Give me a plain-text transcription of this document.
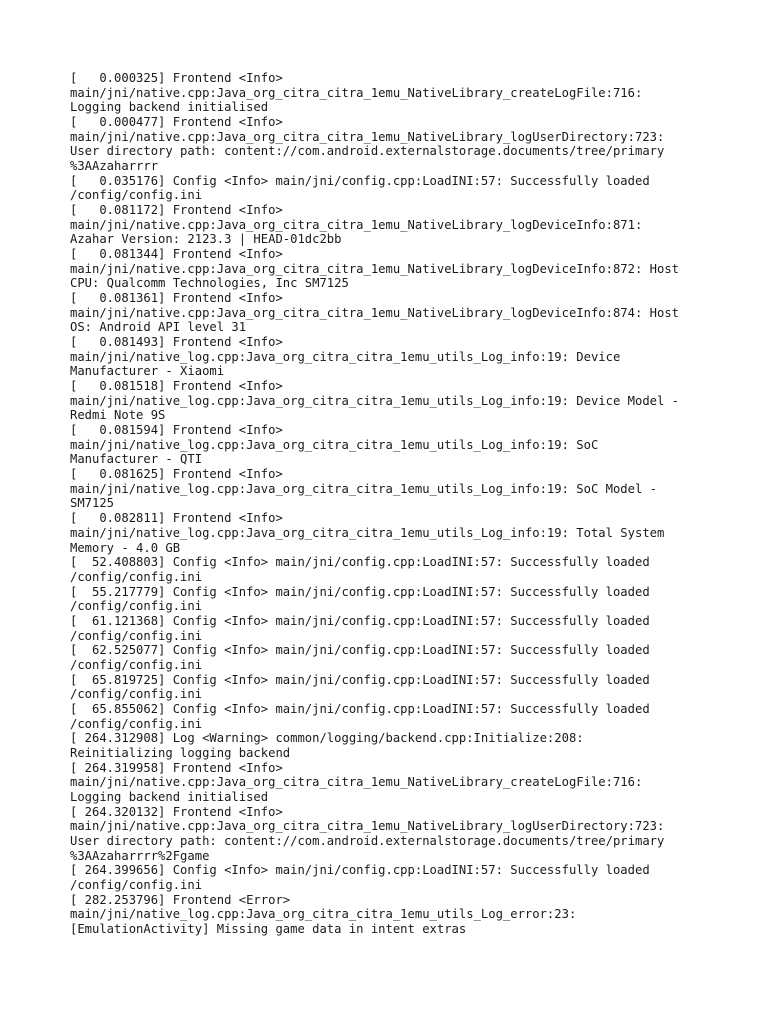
[   0.000325] Frontend <Info>
main/jni/native.cpp:Java_org_citra_citra_1emu_NativeLibrary_createLogFile:716:
Logging backend initialised
[   0.000477] Frontend <Info>
main/jni/native.cpp:Java_org_citra_citra_1emu_NativeLibrary_logUserDirectory:723:
User directory path: content://com.android.externalstorage.documents/tree/primary
%3AAzaharrrr
[   0.035176] Config <Info> main/jni/config.cpp:LoadINI:57: Successfully loaded
/config/config.ini
[   0.081172] Frontend <Info>
main/jni/native.cpp:Java_org_citra_citra_1emu_NativeLibrary_logDeviceInfo:871:
Azahar Version: 2123.3 | HEAD-01dc2bb
[   0.081344] Frontend <Info>
main/jni/native.cpp:Java_org_citra_citra_1emu_NativeLibrary_logDeviceInfo:872: Host
CPU: Qualcomm Technologies, Inc SM7125
[   0.081361] Frontend <Info>
main/jni/native.cpp:Java_org_citra_citra_1emu_NativeLibrary_logDeviceInfo:874: Host
OS: Android API level 31
[   0.081493] Frontend <Info>
main/jni/native_log.cpp:Java_org_citra_citra_1emu_utils_Log_info:19: Device
Manufacturer - Xiaomi
[   0.081518] Frontend <Info>
main/jni/native_log.cpp:Java_org_citra_citra_1emu_utils_Log_info:19: Device Model -
Redmi Note 9S
[   0.081594] Frontend <Info>
main/jni/native_log.cpp:Java_org_citra_citra_1emu_utils_Log_info:19: SoC
Manufacturer - QTI
[   0.081625] Frontend <Info>
main/jni/native_log.cpp:Java_org_citra_citra_1emu_utils_Log_info:19: SoC Model -
SM7125
[   0.082811] Frontend <Info>
main/jni/native_log.cpp:Java_org_citra_citra_1emu_utils_Log_info:19: Total System
Memory - 4.0 GB
[  52.408803] Config <Info> main/jni/config.cpp:LoadINI:57: Successfully loaded
/config/config.ini
[  55.217779] Config <Info> main/jni/config.cpp:LoadINI:57: Successfully loaded
/config/config.ini
[  61.121368] Config <Info> main/jni/config.cpp:LoadINI:57: Successfully loaded
/config/config.ini
[  62.525077] Config <Info> main/jni/config.cpp:LoadINI:57: Successfully loaded
/config/config.ini
[  65.819725] Config <Info> main/jni/config.cpp:LoadINI:57: Successfully loaded
/config/config.ini
[  65.855062] Config <Info> main/jni/config.cpp:LoadINI:57: Successfully loaded
/config/config.ini
[ 264.312908] Log <Warning> common/logging/backend.cpp:Initialize:208:
Reinitializing logging backend
[ 264.319958] Frontend <Info>
main/jni/native.cpp:Java_org_citra_citra_1emu_NativeLibrary_createLogFile:716:
Logging backend initialised
[ 264.320132] Frontend <Info>
main/jni/native.cpp:Java_org_citra_citra_1emu_NativeLibrary_logUserDirectory:723:
User directory path: content://com.android.externalstorage.documents/tree/primary
%3AAzaharrrr%2Fgame
[ 264.399656] Config <Info> main/jni/config.cpp:LoadINI:57: Successfully loaded
/config/config.ini
[ 282.253796] Frontend <Error>
main/jni/native_log.cpp:Java_org_citra_citra_1emu_utils_Log_error:23:
[EmulationActivity] Missing game data in intent extras
